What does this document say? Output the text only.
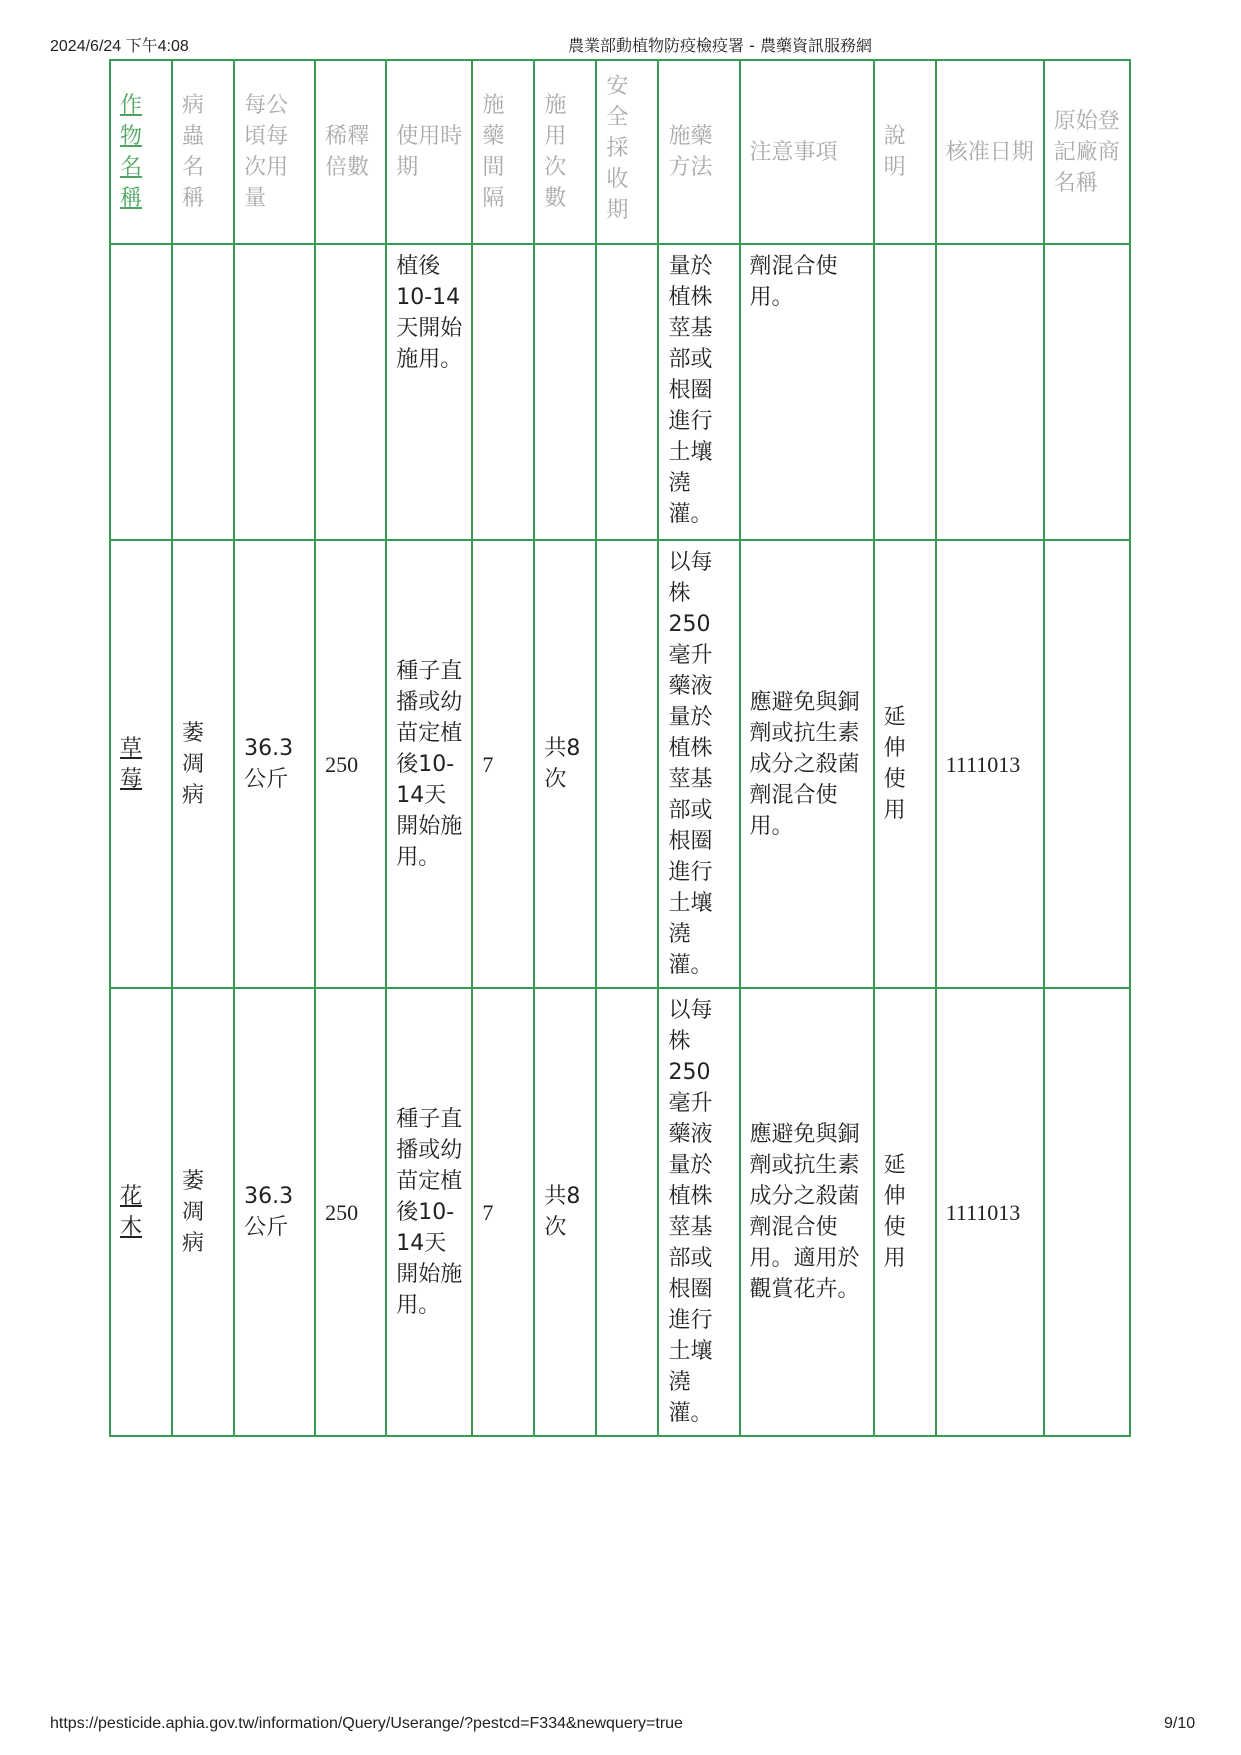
2024/6/24 下午4:08	農業部動植物防疫檢疫署 - 農藥資訊服務網
作物名稱	病蟲名稱	每公頃每次用量	稀釋倍數	使用時期	施藥間隔	施用次數	安全採收期	施藥方法	注意事項	說明	核准日期	原始登記廠商名稱
				植後10-14天開始施用。				量於植株莖基部或根圈進行土壤澆灌。	劑混合使用。			
草莓	萎凋病	36.3公斤	250	種子直播或幼苗定植後10-14天開始施用。	7	共8次		以每株250毫升藥液量於植株莖基部或根圈進行土壤澆灌。	應避免與銅劑或抗生素成分之殺菌劑混合使用。	延伸使用	1111013	
花木	萎凋病	36.3公斤	250	種子直播或幼苗定植後10-14天開始施用。	7	共8次		以每株250毫升藥液量於植株莖基部或根圈進行土壤澆灌。	應避免與銅劑或抗生素成分之殺菌劑混合使用。適用於觀賞花卉。	延伸使用	1111013	
https://pesticide.aphia.gov.tw/information/Query/Userange/?pestcd=F334&newquery=true	9/10
